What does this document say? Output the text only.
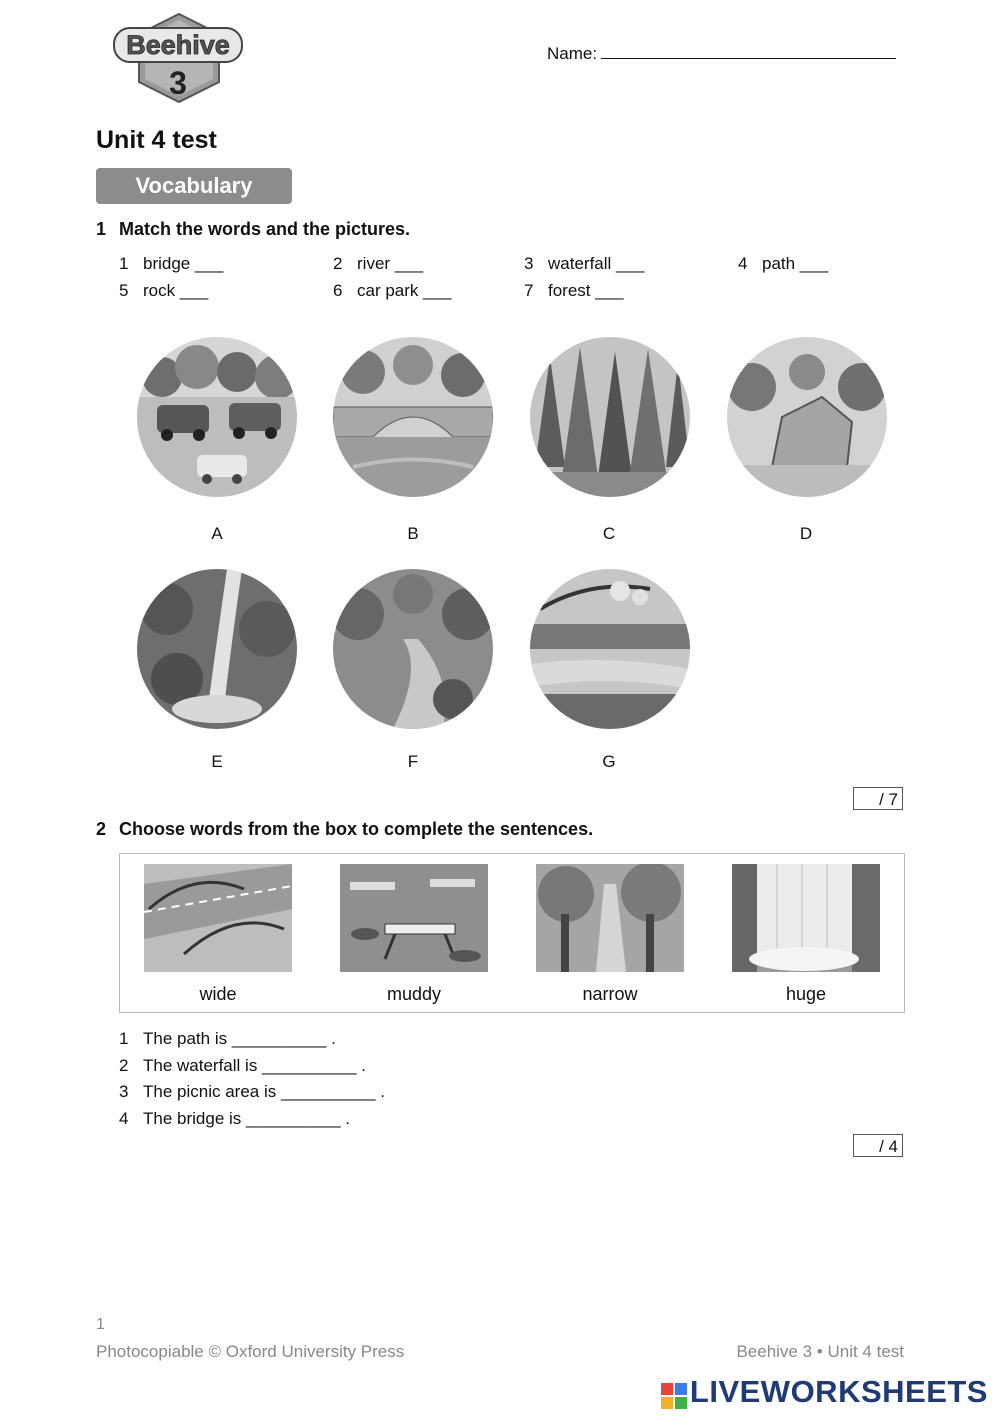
Beehive
3
Name:
Unit 4 test
Vocabulary
1 Match the words and the pictures.
1 bridge ___	2 river ___	3 waterfall ___	4 path ___
5 rock ___	6 car park ___	7 forest ___
A	B	C	D
E	F	G
/ 7
2 Choose words from the box to complete the sentences.
wide	muddy	narrow	huge
1 The path is __________ .
2 The waterfall is __________ .
3 The picnic area is __________ .
4 The bridge is __________ .
/ 4
1
Photocopiable © Oxford University Press	Beehive 3 • Unit 4 test
LIVEWORKSHEETS
